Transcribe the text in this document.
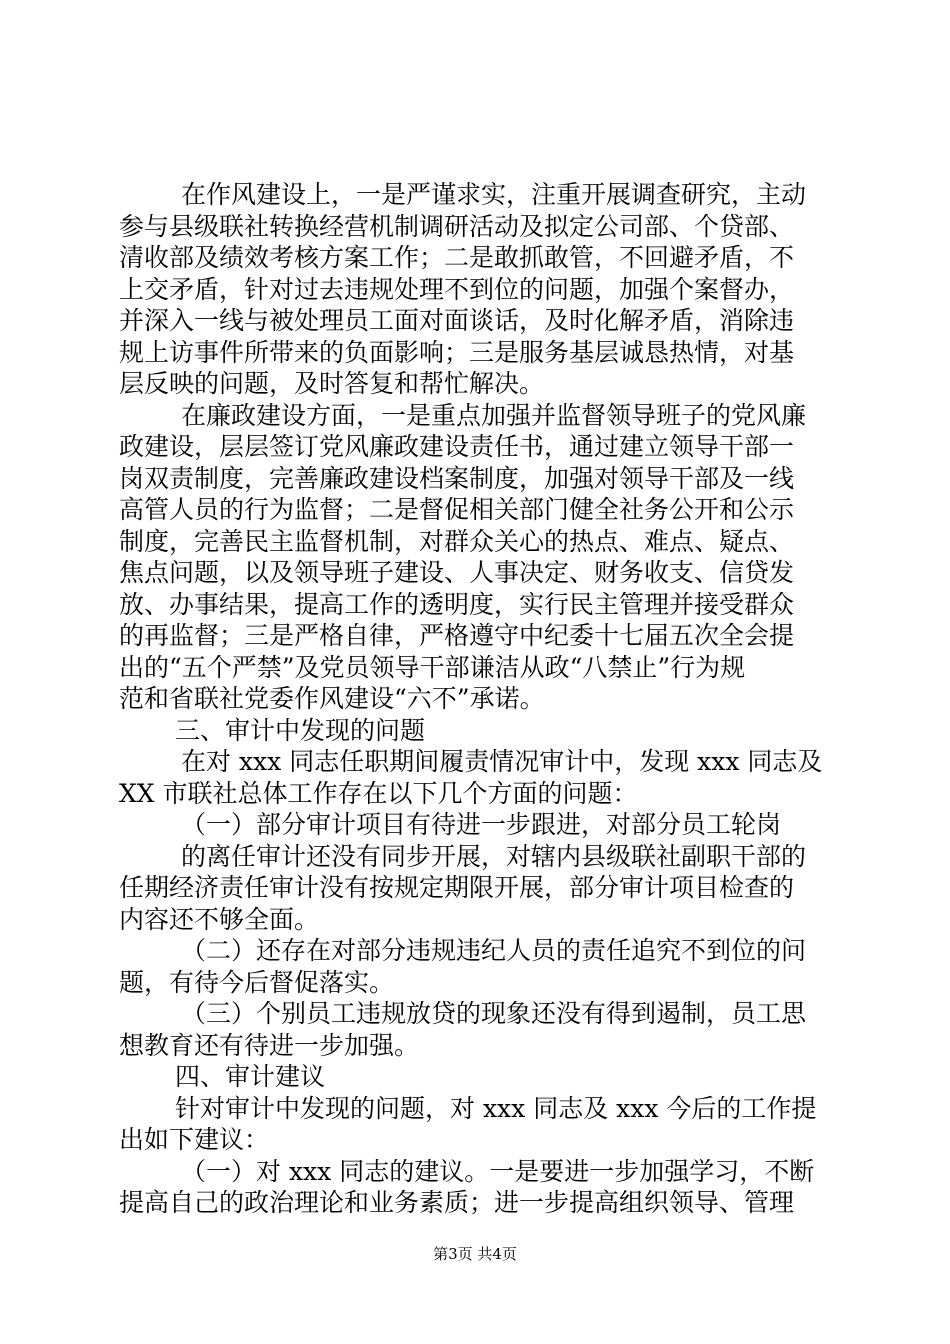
在作风建设上，一是严谨求实，注重开展调查研究，主动
参与县级联社转换经营机制调研活动及拟定公司部、个贷部、
清收部及绩效考核方案工作；二是敢抓敢管，不回避矛盾，不
上交矛盾，针对过去违规处理不到位的问题，加强个案督办，
并深入一线与被处理员工面对面谈话，及时化解矛盾，消除违
规上访事件所带来的负面影响；三是服务基层诚恳热情，对基
层反映的问题，及时答复和帮忙解决。
在廉政建设方面，一是重点加强并监督领导班子的党风廉
政建设，层层签订党风廉政建设责任书，通过建立领导干部一
岗双责制度，完善廉政建设档案制度，加强对领导干部及一线
高管人员的行为监督；二是督促相关部门健全社务公开和公示
制度，完善民主监督机制，对群众关心的热点、难点、疑点、
焦点问题，以及领导班子建设、人事决定、财务收支、信贷发
放、办事结果，提高工作的透明度，实行民主管理并接受群众
的再监督；三是严格自律，严格遵守中纪委十七届五次全会提
出的“五个严禁”及党员领导干部谦洁从政“八禁止”行为规
范和省联社党委作风建设“六不”承诺。
三、审计中发现的问题
在对 xxx 同志任职期间履责情况审计中，发现 xxx 同志及
XX 市联社总体工作存在以下几个方面的问题：
（一）部分审计项目有待进一步跟进，对部分员工轮岗
的离任审计还没有同步开展，对辖内县级联社副职干部的
任期经济责任审计没有按规定期限开展，部分审计项目检查的
内容还不够全面。
（二）还存在对部分违规违纪人员的责任追究不到位的问
题，有待今后督促落实。
（三）个别员工违规放贷的现象还没有得到遏制，员工思
想教育还有待进一步加强。
四、审计建议
针对审计中发现的问题，对 xxx 同志及 xxx 今后的工作提
出如下建议：
（一）对 xxx 同志的建议。一是要进一步加强学习，不断
提高自己的政治理论和业务素质；进一步提高组织领导、管理
第3页 共4页
